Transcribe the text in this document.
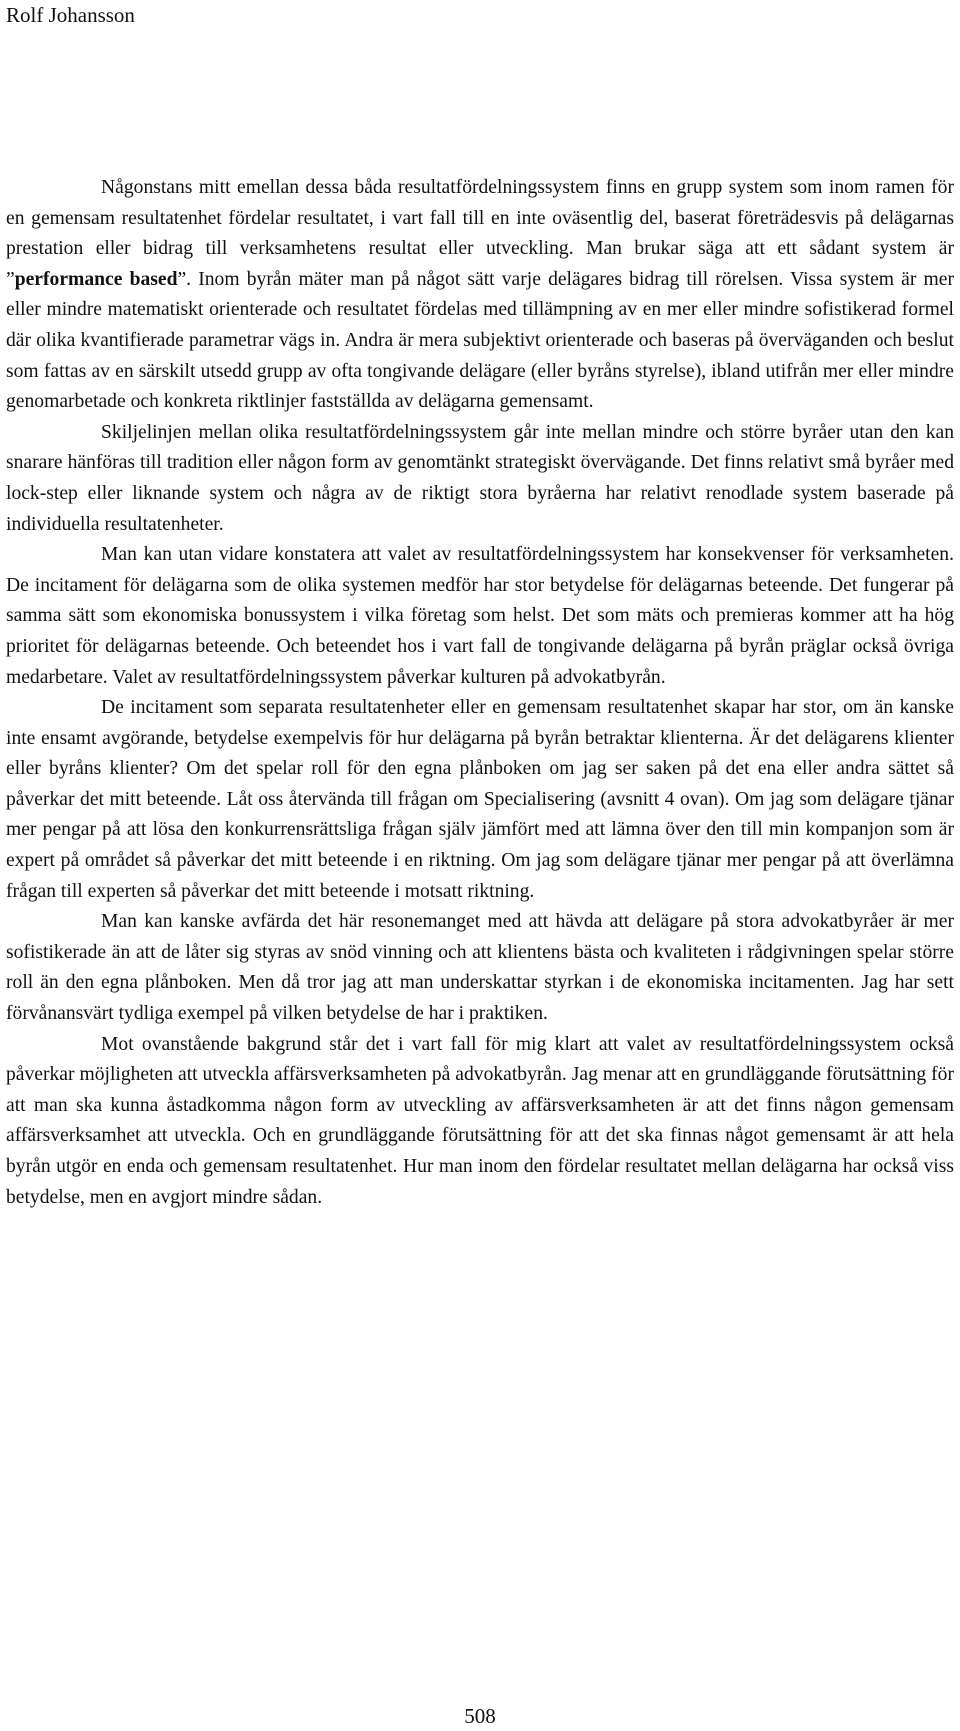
Rolf Johansson

Någonstans mitt emellan dessa båda resultatfördelningssystem finns en grupp system som inom ramen för en gemensam resultatenhet fördelar resultatet, i vart fall till en inte oväsentlig del, baserat företrädesvis på delägarnas prestation eller bidrag till verksamhetens resultat eller utveckling. Man brukar säga att ett sådant system är ”performance based”. Inom byrån mäter man på något sätt varje delägares bidrag till rörelsen. Vissa system är mer eller mindre matematiskt orienterade och resultatet fördelas med tillämpning av en mer eller mindre sofistikerad formel där olika kvantifierade parametrar vägs in. Andra är mera subjektivt orienterade och baseras på överväganden och beslut som fattas av en särskilt utsedd grupp av ofta tongivande delägare (eller byråns styrelse), ibland utifrån mer eller mindre genomarbetade och konkreta riktlinjer fastställda av delägarna gemensamt.

Skiljelinjen mellan olika resultatfördelningssystem går inte mellan mindre och större byråer utan den kan snarare hänföras till tradition eller någon form av genomtänkt strategiskt övervägande. Det finns relativt små byråer med lock-step eller liknande system och några av de riktigt stora byråerna har relativt renodlade system baserade på individuella resultatenheter.

Man kan utan vidare konstatera att valet av resultatfördelningssystem har konsekvenser för verksamheten. De incitament för delägarna som de olika systemen medför har stor betydelse för delägarnas beteende. Det fungerar på samma sätt som ekonomiska bonussystem i vilka företag som helst. Det som mäts och premieras kommer att ha hög prioritet för delägarnas beteende. Och beteendet hos i vart fall de tongivande delägarna på byrån präglar också övriga medarbetare. Valet av resultatfördelningssystem påverkar kulturen på advokatbyrån.

De incitament som separata resultatenheter eller en gemensam resultatenhet skapar har stor, om än kanske inte ensamt avgörande, betydelse exempelvis för hur delägarna på byrån betraktar klienterna. Är det delägarens klienter eller byråns klienter? Om det spelar roll för den egna plånboken om jag ser saken på det ena eller andra sättet så påverkar det mitt beteende. Låt oss återvända till frågan om Specialisering (avsnitt 4 ovan). Om jag som delägare tjänar mer pengar på att lösa den konkurrensrättsliga frågan själv jämfört med att lämna över den till min kompanjon som är expert på området så påverkar det mitt beteende i en riktning. Om jag som delägare tjänar mer pengar på att överlämna frågan till experten så påverkar det mitt beteende i motsatt riktning.

Man kan kanske avfärda det här resonemanget med att hävda att delägare på stora advokatbyråer är mer sofistikerade än att de låter sig styras av snöd vinning och att klientens bästa och kvaliteten i rådgivningen spelar större roll än den egna plånboken. Men då tror jag att man underskattar styrkan i de ekonomiska incitamenten. Jag har sett förvånansvärt tydliga exempel på vilken betydelse de har i praktiken.

Mot ovanstående bakgrund står det i vart fall för mig klart att valet av resultatfördelningssystem också påverkar möjligheten att utveckla affärsverksamheten på advokatbyrån. Jag menar att en grundläggande förutsättning för att man ska kunna åstadkomma någon form av utveckling av affärsverksamheten är att det finns någon gemensam affärsverksamhet att utveckla. Och en grundläggande förutsättning för att det ska finnas något gemensamt är att hela byrån utgör en enda och gemensam resultatenhet. Hur man inom den fördelar resultatet mellan delägarna har också viss betydelse, men en avgjort mindre sådan.

508
